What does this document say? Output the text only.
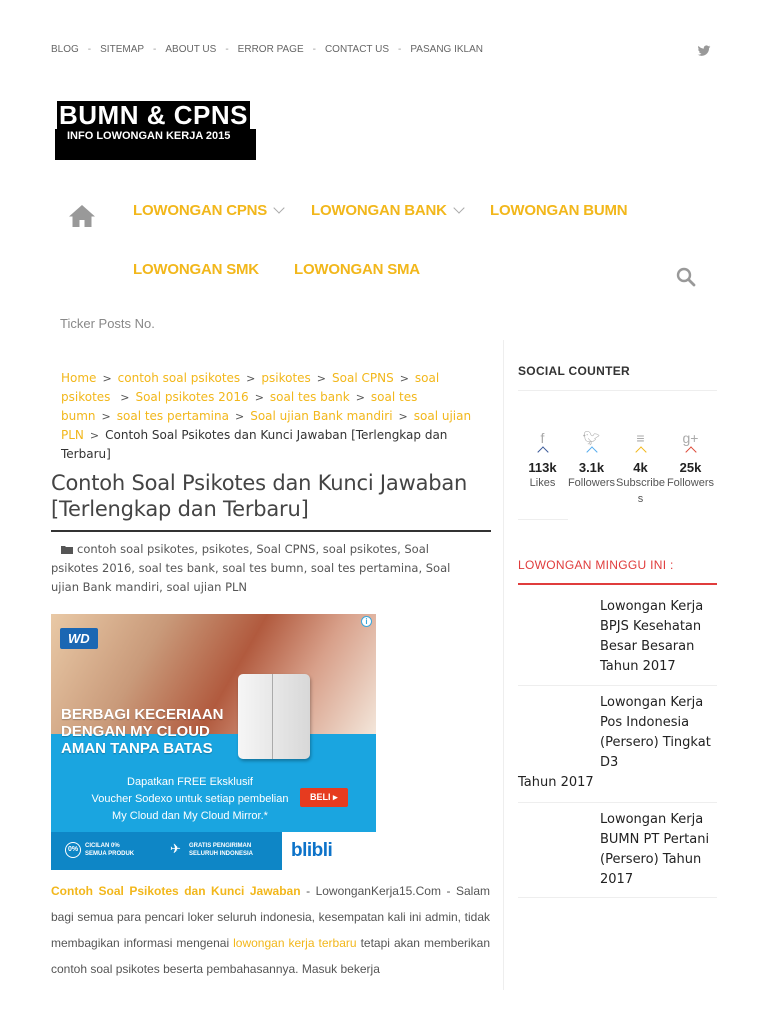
BLOG - SITEMAP - ABOUT US - ERROR PAGE - CONTACT US - PASANG IKLAN
BUMN & CPNS
INFO LOWONGAN KERJA 2015
LOWONGAN CPNS	LOWONGAN BANK	LOWONGAN BUMN
LOWONGAN SMK LOWONGAN SMA
Ticker Posts No.
Home > contoh soal psikotes > psikotes > Soal CPNS > soal psikotes > Soal psikotes 2016 > soal tes bank > soal tes bumn > soal tes pertamina > Soal ujian Bank mandiri > soal ujian PLN > Contoh Soal Psikotes dan Kunci Jawaban [Terlengkap dan Terbaru]
Contoh Soal Psikotes dan Kunci Jawaban [Terlengkap dan Terbaru]
contoh soal psikotes, psikotes, Soal CPNS, soal psikotes, Soal psikotes 2016, soal tes bank, soal tes bumn, soal tes pertamina, Soal ujian Bank mandiri, soal ujian PLN
WD
i
BERBAGI KECERIAAN
DENGAN MY CLOUD
AMAN TANPA BATAS
Dapatkan FREE Eksklusif
Voucher Sodexo untuk setiap pembelian
My Cloud dan My Cloud Mirror.*
BELI ▸
0%	CICILAN 0%
SEMUA PRODUK	✈ GRATIS PENGIRIMAN
SELURUH INDONESIA blibli
Contoh Soal Psikotes dan Kunci Jawaban - LowonganKerja15.Com - Salam bagi semua para pencari loker seluruh indonesia, kesempatan kali ini admin, tidak membagikan informasi mengenai lowongan kerja terbaru tetapi akan memberikan contoh soal psikotes beserta pembahasannya. Masuk bekerja
SOCIAL COUNTER
f
113k
Likes
🐦︎
3.1k
Followers
≡
4k
Subscribes
g+
25k
Followers
LOWONGAN MINGGU INI :
Lowongan Kerja BPJS Kesehatan Besar Besaran Tahun 2017
Lowongan Kerja Pos Indonesia (Persero) Tingkat D3
Tahun 2017
Lowongan Kerja BUMN PT Pertani (Persero) Tahun 2017
